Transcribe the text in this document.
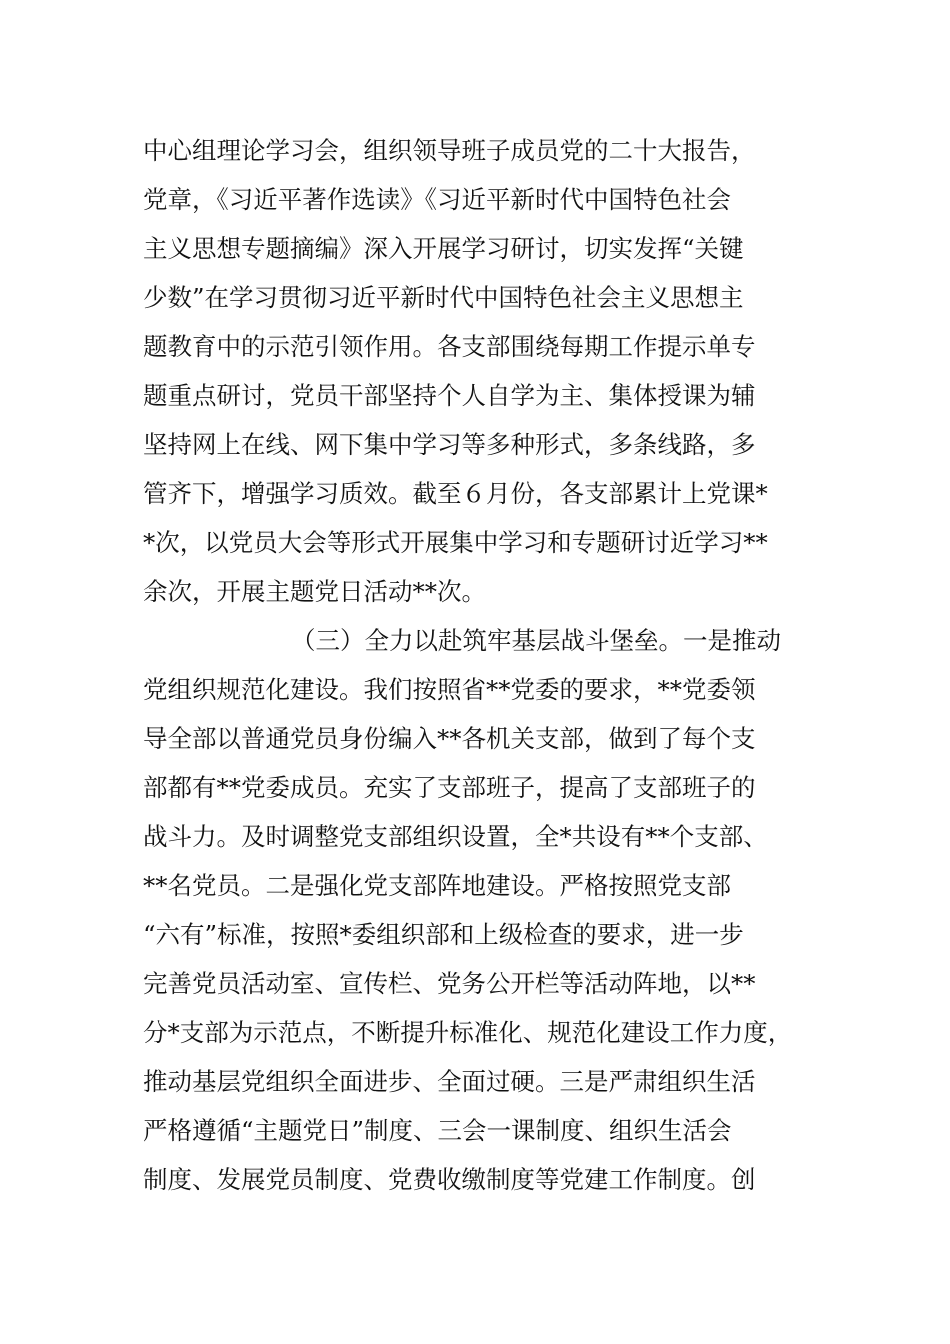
中心组理论学习会，组织领导班子成员党的二十大报告，
党章，《习近平著作选读》《习近平新时代中国特色社会
主义思想专题摘编》深入开展学习研讨，切实发挥“关键
少数”在学习贯彻习近平新时代中国特色社会主义思想主
题教育中的示范引领作用。各支部围绕每期工作提示单专
题重点研讨，党员干部坚持个人自学为主、集体授课为辅
坚持网上在线、网下集中学习等多种形式，多条线路，多
管齐下，增强学习质效。截至６月份，各支部累计上党课*
*次，以党员大会等形式开展集中学习和专题研讨近学习**
余次，开展主题党日活动**次。
（三）全力以赴筑牢基层战斗堡垒。一是推动
党组织规范化建设。我们按照省**党委的要求，**党委领
导全部以普通党员身份编入**各机关支部，做到了每个支
部都有**党委成员。充实了支部班子，提高了支部班子的
战斗力。及时调整党支部组织设置，全*共设有**个支部、
**名党员。二是强化党支部阵地建设。严格按照党支部
“六有”标准，按照*委组织部和上级检查的要求，进一步
完善党员活动室、宣传栏、党务公开栏等活动阵地，以**
分*支部为示范点，不断提升标准化、规范化建设工作力度，
推动基层党组织全面进步、全面过硬。三是严肃组织生活
严格遵循“主题党日”制度、三会一课制度、组织生活会
制度、发展党员制度、党费收缴制度等党建工作制度。创
